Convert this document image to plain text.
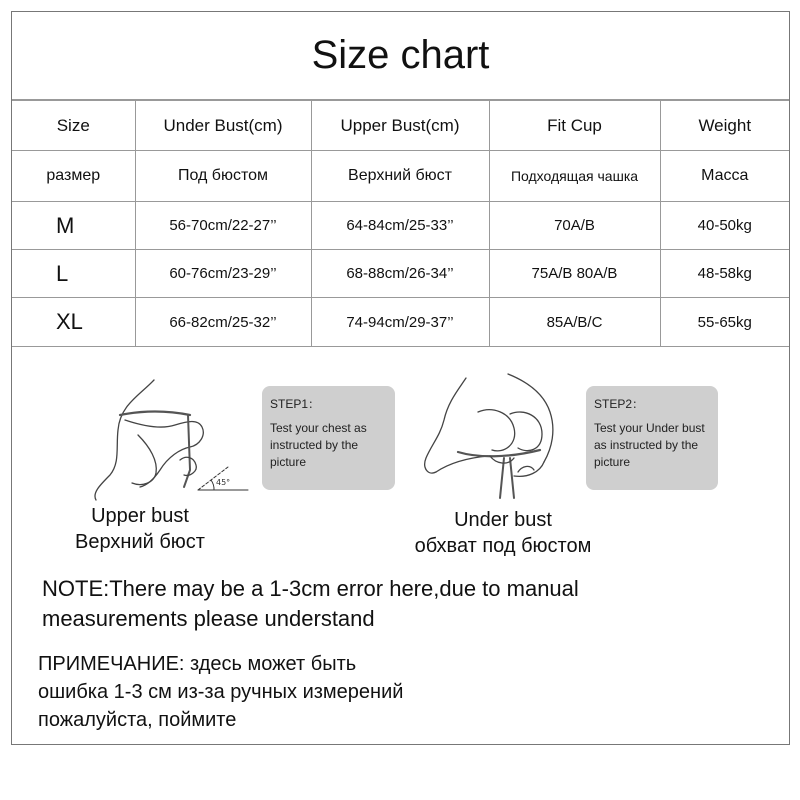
Size chart
Size	Under Bust(cm)	Upper Bust(cm)	Fit Cup	Weight
размер	Под бюстом	Верхний бюст	Подходящая чашка	Масса
M	56-70cm/22-27’’	64-84cm/25-33’’	70A/B	40-50kg
L	60-76cm/23-29’’	68-88cm/26-34’’	75A/B 80A/B	48-58kg
XL	66-82cm/25-32’’	74-94cm/29-37’’	85A/B/C	55-65kg
45°
STEP1：
Test your chest as instructed by the picture
STEP2：
Test your Under bust as instructed by the picture
Upper bust
Верхний бюст
Under bust
обхват под бюстом
NOTE:There may be a 1-3cm error here,due to manual
measurements please understand
ПРИМЕЧАНИЕ: здесь может быть
ошибка 1-3 см из-за ручных измерений
пожалуйста, поймите
